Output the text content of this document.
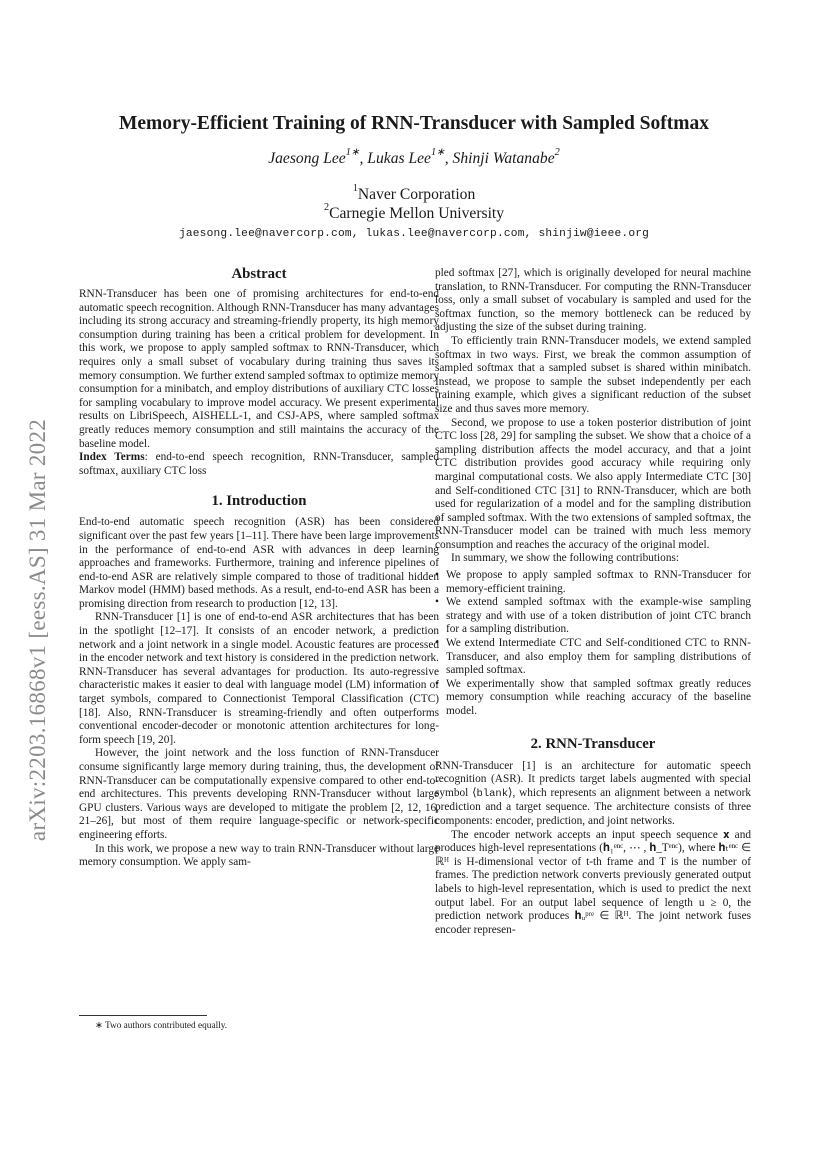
arXiv:2203.16868v1 [eess.AS] 31 Mar 2022
Memory-Efficient Training of RNN-Transducer with Sampled Softmax
Jaesong Lee$^{1∗}$, Lukas Lee$^{1∗}$, Shinji Watanabe$^2$
$^1$Naver Corporation
$^2$Carnegie Mellon University
jaesong.lee@navercorp.com, lukas.lee@navercorp.com, shinjiw@ieee.org
Abstract

RNN-Transducer has been one of promising architectures for end-to-end automatic speech recognition. Although RNN-Transducer has many advantages including its strong accuracy and streaming-friendly property, its high memory consumption during training has been a critical problem for development. In this work, we propose to apply sampled softmax to RNN-Transducer, which requires only a small subset of vocabulary during training thus saves its memory consumption. We further extend sampled softmax to optimize memory consumption for a minibatch, and employ distributions of auxiliary CTC losses for sampling vocabulary to improve model accuracy. We present experimental results on LibriSpeech, AISHELL-1, and CSJ-APS, where sampled softmax greatly reduces memory consumption and still maintains the accuracy of the baseline model.

Index Terms: end-to-end speech recognition, RNN-Transducer, sampled softmax, auxiliary CTC loss

1. Introduction

End-to-end automatic speech recognition (ASR) has been considered significant over the past few years [1–11]. There have been large improvements in the performance of end-to-end ASR with advances in deep learning approaches and frameworks. Furthermore, training and inference pipelines of end-to-end ASR are relatively simple compared to those of traditional hidden Markov model (HMM) based methods. As a result, end-to-end ASR has been a promising direction from research to production [12, 13].

RNN-Transducer [1] is one of end-to-end ASR architectures that has been in the spotlight [12–17]. It consists of an encoder network, a prediction network and a joint network in a single model. Acoustic features are processed in the encoder network and text history is considered in the prediction network. RNN-Transducer has several advantages for production. Its auto-regressive characteristic makes it easier to deal with language model (LM) information of target symbols, compared to Connectionist Temporal Classification (CTC) [18]. Also, RNN-Transducer is streaming-friendly and often outperforms conventional encoder-decoder or monotonic attention architectures for long-form speech [19, 20].

However, the joint network and the loss function of RNN-Transducer consume significantly large memory during training, thus, the development of RNN-Transducer can be computationally expensive compared to other end-to-end architectures. This prevents developing RNN-Transducer without large GPU clusters. Various ways are developed to mitigate the problem [2, 12, 16, 21–26], but most of them require language-specific or network-specific engineering efforts.

In this work, we propose a new way to train RNN-Transducer without large memory consumption. We apply sam-

pled softmax [27], which is originally developed for neural machine translation, to RNN-Transducer. For computing the RNN-Transducer loss, only a small subset of vocabulary is sampled and used for the softmax function, so the memory bottleneck can be reduced by adjusting the size of the subset during training.

To efficiently train RNN-Transducer models, we extend sampled softmax in two ways. First, we break the common assumption of sampled softmax that a sampled subset is shared within minibatch. Instead, we propose to sample the subset independently per each training example, which gives a significant reduction of the subset size and thus saves more memory.

Second, we propose to use a token posterior distribution of joint CTC loss [28, 29] for sampling the subset. We show that a choice of a sampling distribution affects the model accuracy, and that a joint CTC distribution provides good accuracy while requiring only marginal computational costs. We also apply Intermediate CTC [30] and Self-conditioned CTC [31] to RNN-Transducer, which are both used for regularization of a model and for the sampling distribution of sampled softmax. With the two extensions of sampled softmax, the RNN-Transducer model can be trained with much less memory consumption and reaches the accuracy of the original model.

In summary, we show the following contributions:

• We propose to apply sampled softmax to RNN-Transducer for memory-efficient training.
• We extend sampled softmax with the example-wise sampling strategy and with use of a token distribution of joint CTC branch for a sampling distribution.
• We extend Intermediate CTC and Self-conditioned CTC to RNN-Transducer, and also employ them for sampling distributions of sampled softmax.
• We experimentally show that sampled softmax greatly reduces memory consumption while reaching accuracy of the baseline model.
2. RNN-Transducer

RNN-Transducer [1] is an architecture for automatic speech recognition (ASR). It predicts target labels augmented with special symbol ⟨blank⟩, which represents an alignment between a network prediction and a target sequence. The architecture consists of three components: encoder, prediction, and joint networks.

The encoder network accepts an input speech sequence 𝐱 and produces high-level representations (𝐡₁ᵉⁿᶜ, ⋯ , 𝐡_Tᵉⁿᶜ), where 𝐡ₜᵉⁿᶜ ∈ ℝᴴ is H-dimensional vector of t-th frame and T is the number of frames. The prediction network converts previously generated output labels to high-level representation, which is used to predict the next output label. For an output label sequence of length u ≥ 0, the prediction network produces 𝐡ᵤᵖʳᵉ ∈ ℝᴴ. The joint network fuses encoder represen-

∗ Two authors contributed equally.
